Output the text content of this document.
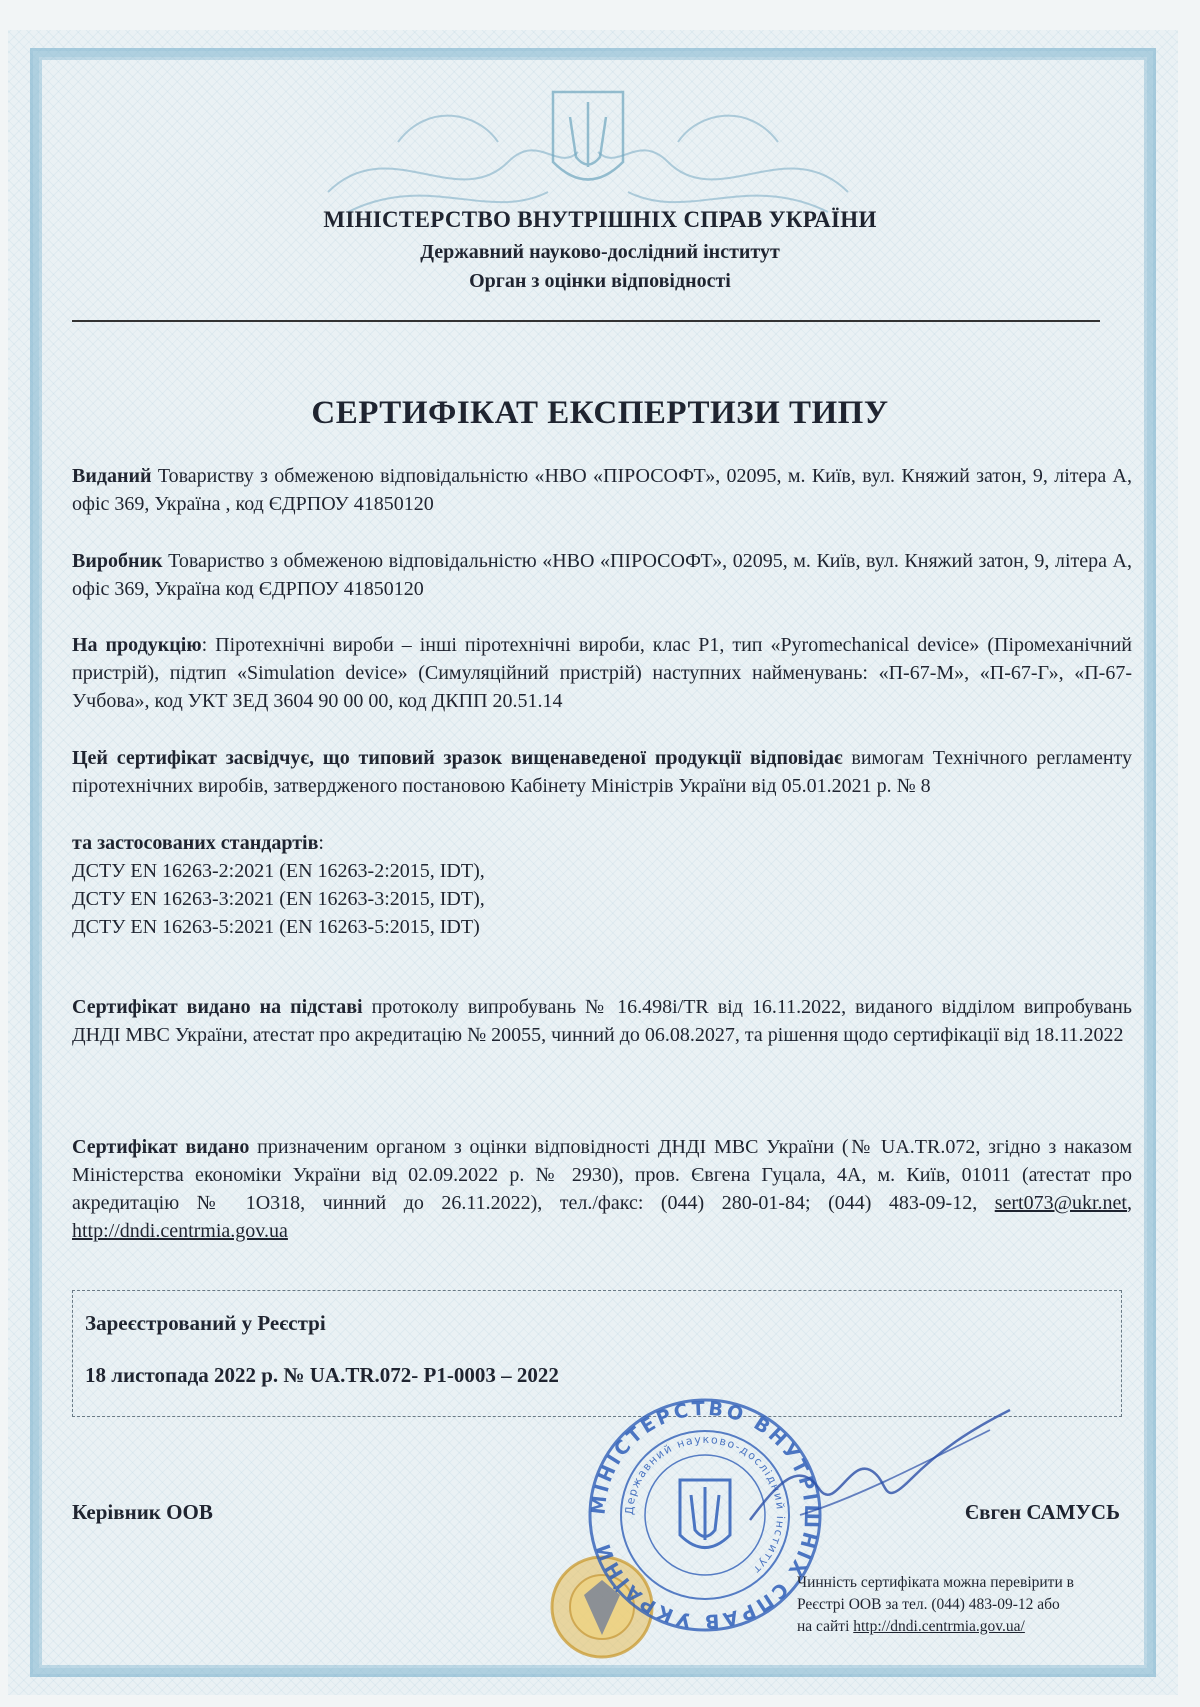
МІНІСТЕРСТВО ВНУТРІШНІХ СПРАВ УКРАЇНИ
Державний науково-дослідний інститут
Орган з оцінки відповідності
СЕРТИФІКАТ ЕКСПЕРТИЗИ ТИПУ
Виданий Товариству з обмеженою відповідальністю «НВО «ПІРОСОФТ», 02095, м. Київ, вул. Княжий затон, 9, літера А, офіс 369, Україна , код ЄДРПОУ 41850120
Виробник Товариство з обмеженою відповідальністю «НВО «ПІРОСОФТ», 02095, м. Київ, вул. Княжий затон, 9, літера А, офіс 369, Україна код ЄДРПОУ 41850120
На продукцію: Піротехнічні вироби – інші піротехнічні вироби, клас Р1, тип «Pyromechanical device» (Піромеханічний пристрій), підтип «Simulation device» (Симуляційний пристрій) наступних найменувань: «П-67-М», «П-67-Г», «П-67-Учбова», код УКТ ЗЕД 3604 90 00 00, код ДКПП 20.51.14
Цей сертифікат засвідчує, що типовий зразок вищенаведеної продукції відповідає вимогам Технічного регламенту піротехнічних виробів, затвердженого постановою Кабінету Міністрів України від 05.01.2021 р. № 8
та застосованих стандартів:
ДСТУ EN 16263-2:2021 (EN 16263-2:2015, IDT),
ДСТУ EN 16263-3:2021 (EN 16263-3:2015, IDT),
ДСТУ EN 16263-5:2021 (EN 16263-5:2015, IDT)
Сертифікат видано на підставі протоколу випробувань № 16.498і/TR від 16.11.2022, виданого відділом випробувань ДНДІ МВС України, атестат про акредитацію № 20055, чинний до 06.08.2027, та рішення щодо сертифікації від 18.11.2022
Сертифікат видано призначеним органом з оцінки відповідності ДНДІ МВС України (№ UA.TR.072, згідно з наказом Міністерства економіки України від 02.09.2022 р. № 2930), пров. Євгена Гуцала, 4А, м. Київ, 01011 (атестат про акредитацію № 1О318, чинний до 26.11.2022), тел./факс: (044) 280-01-84; (044) 483-09-12, sert073@ukr.net, http://dndi.centrmia.gov.ua
Зареєстрований у Реєстрі
18 листопада 2022 р. № UA.TR.072- P1-0003 – 2022
МІНІСТЕРСТВО ВНУТРІШНІХ СПРАВ УКРАЇНИ
Державний науково-дослідний інститут
Керівник ООВ	Євген САМУСЬ
Чинність сертифіката можна перевірити в
Реєстрі ООВ за тел. (044) 483-09-12 або
на сайті http://dndi.centrmia.gov.ua/
